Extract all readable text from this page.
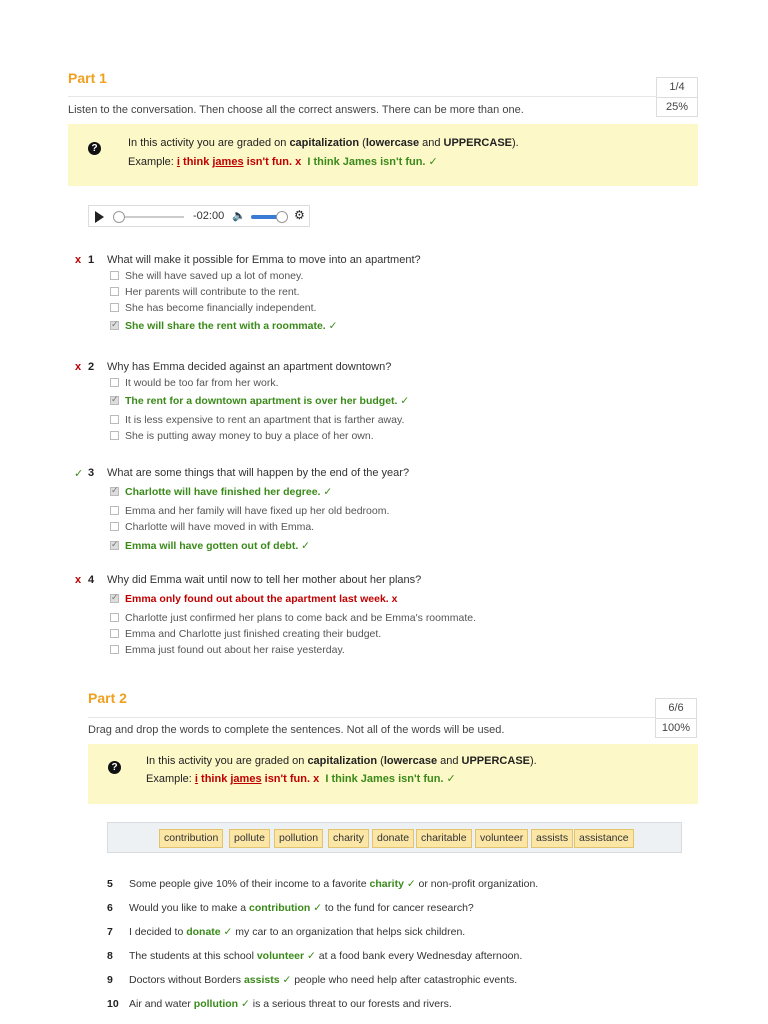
Part 1
1/4
25%
Listen to the conversation. Then choose all the correct answers. There can be more than one.
?	In this activity you are graded on capitalization (lowercase and UPPERCASE).
Example: i think james isn't fun. x I think James isn't fun. ✓
-02:00 🔈	⚙
x 1 What will make it possible for Emma to move into an apartment?
She will have saved up a lot of money.
Her parents will contribute to the rent.
She has become financially independent.
✓She will share the rent with a roommate. ✓
x 2 Why has Emma decided against an apartment downtown?
It would be too far from her work.
✓The rent for a downtown apartment is over her budget. ✓
It is less expensive to rent an apartment that is farther away.
She is putting away money to buy a place of her own.
✓ 3 What are some things that will happen by the end of the year?
✓Charlotte will have finished her degree. ✓
Emma and her family will have fixed up her old bedroom.
Charlotte will have moved in with Emma.
✓Emma will have gotten out of debt. ✓
x 4 Why did Emma wait until now to tell her mother about her plans?
✓Emma only found out about the apartment last week. x
Charlotte just confirmed her plans to come back and be Emma's roommate.
Emma and Charlotte just finished creating their budget.
Emma just found out about her raise yesterday.
Part 2
6/6
100%
Drag and drop the words to complete the sentences. Not all of the words will be used.
?
In this activity you are graded on capitalization (lowercase and UPPERCASE).
Example: i think james isn't fun. x I think James isn't fun. ✓
contribution	pollute	pollution	charity	donate	charitable	volunteer	assists	assistance
5 Some people give 10% of their income to a favorite charity ✓ or non-profit organization.
6 Would you like to make a contribution ✓ to the fund for cancer research?
7 I decided to donate ✓ my car to an organization that helps sick children.
8 The students at this school volunteer ✓ at a food bank every Wednesday afternoon.
9 Doctors without Borders assists ✓ people who need help after catastrophic events.
10 Air and water pollution ✓ is a serious threat to our forests and rivers.
